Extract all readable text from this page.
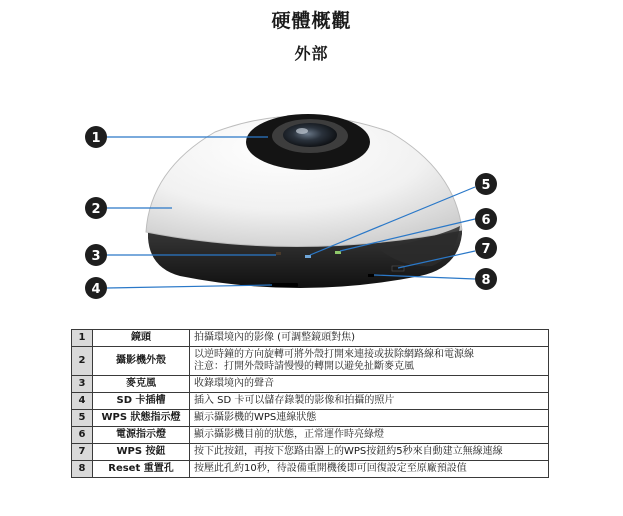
硬體概觀
外部
1
2
3
4
5
6
7
8
1	鏡頭	拍攝環境內的影像 (可調整鏡頭對焦)

2	攝影機外殼	以逆時鐘的方向旋轉可將外殼打開來連接或拔除網路線和電源線
注意：打開外殼時請慢慢的轉開以避免扯斷麥克風

3	麥克風	收錄環境內的聲音

4	SD 卡插槽	插入 SD 卡可以儲存錄製的影像和拍攝的照片

5	WPS 狀態指示燈	顯示攝影機的WPS連線狀態

6	電源指示燈	顯示攝影機目前的狀態，正常運作時亮綠燈

7	WPS 按鈕	按下此按鈕，再按下您路由器上的WPS按鈕約5秒來自動建立無線連線

8	Reset 重置孔	按壓此孔約10秒，待設備重開機後即可回復設定至原廠預設值
